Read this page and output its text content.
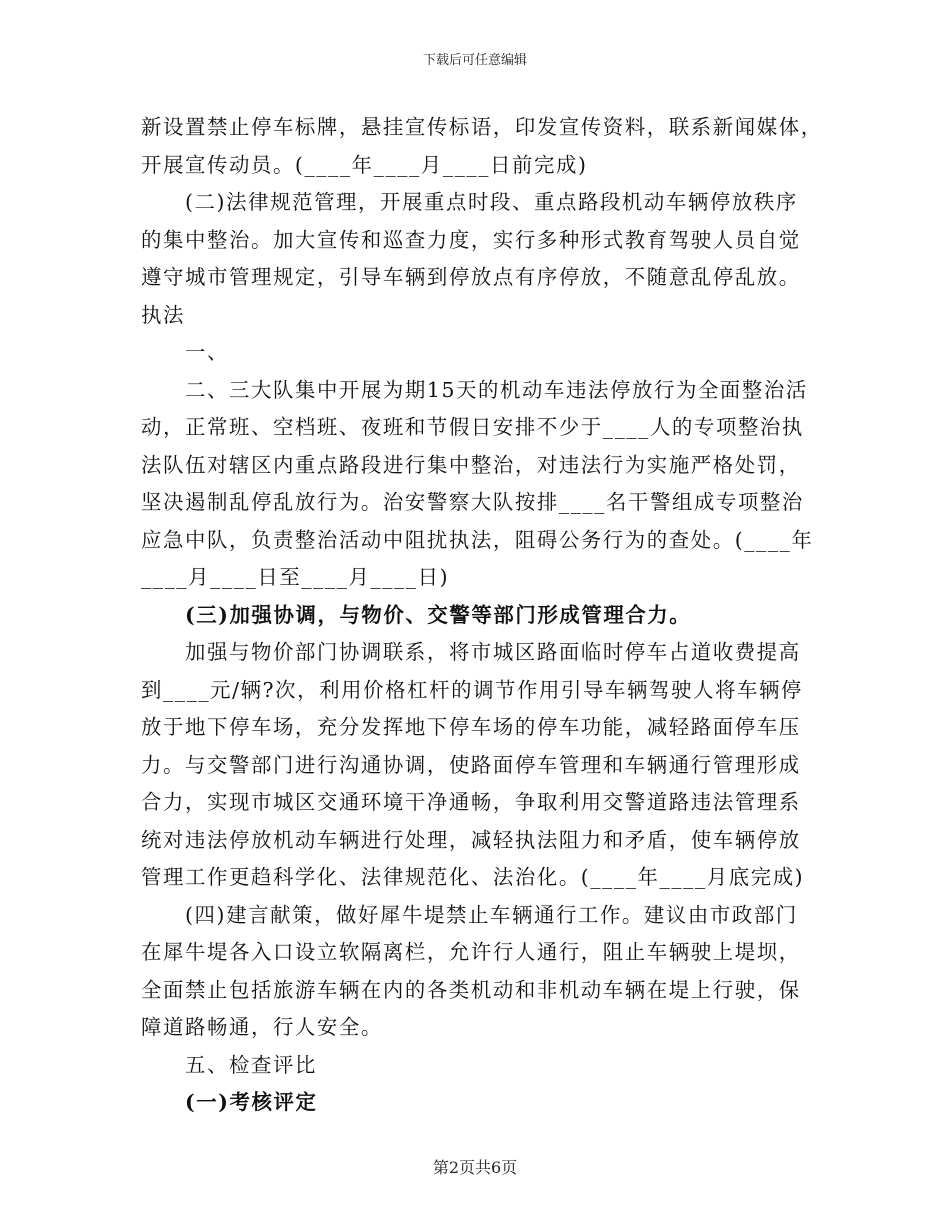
下载后可任意编辑
新设置禁止停车标牌，悬挂宣传标语，印发宣传资料，联系新闻媒体，
开展宣传动员。(____年____月____日前完成)
(二)法律规范管理，开展重点时段、重点路段机动车辆停放秩序
的集中整治。加大宣传和巡查力度，实行多种形式教育驾驶人员自觉
遵守城市管理规定，引导车辆到停放点有序停放，不随意乱停乱放。
执法
一、
二、三大队集中开展为期15天的机动车违法停放行为全面整治活
动，正常班、空档班、夜班和节假日安排不少于____人的专项整治执
法队伍对辖区内重点路段进行集中整治，对违法行为实施严格处罚，
坚决遏制乱停乱放行为。治安警察大队按排____名干警组成专项整治
应急中队，负责整治活动中阻扰执法，阻碍公务行为的查处。(____年
____月____日至____月____日)
(三)加强协调，与物价、交警等部门形成管理合力。
加强与物价部门协调联系，将市城区路面临时停车占道收费提高
到____元/辆?次，利用价格杠杆的调节作用引导车辆驾驶人将车辆停
放于地下停车场，充分发挥地下停车场的停车功能，减轻路面停车压
力。与交警部门进行沟通协调，使路面停车管理和车辆通行管理形成
合力，实现市城区交通环境干净通畅，争取利用交警道路违法管理系
统对违法停放机动车辆进行处理，减轻执法阻力和矛盾，使车辆停放
管理工作更趋科学化、法律规范化、法治化。(____年____月底完成)
(四)建言献策，做好犀牛堤禁止车辆通行工作。建议由市政部门
在犀牛堤各入口设立软隔离栏，允许行人通行，阻止车辆驶上堤坝，
全面禁止包括旅游车辆在内的各类机动和非机动车辆在堤上行驶，保
障道路畅通，行人安全。
五、检查评比
(一)考核评定
第2页共6页
